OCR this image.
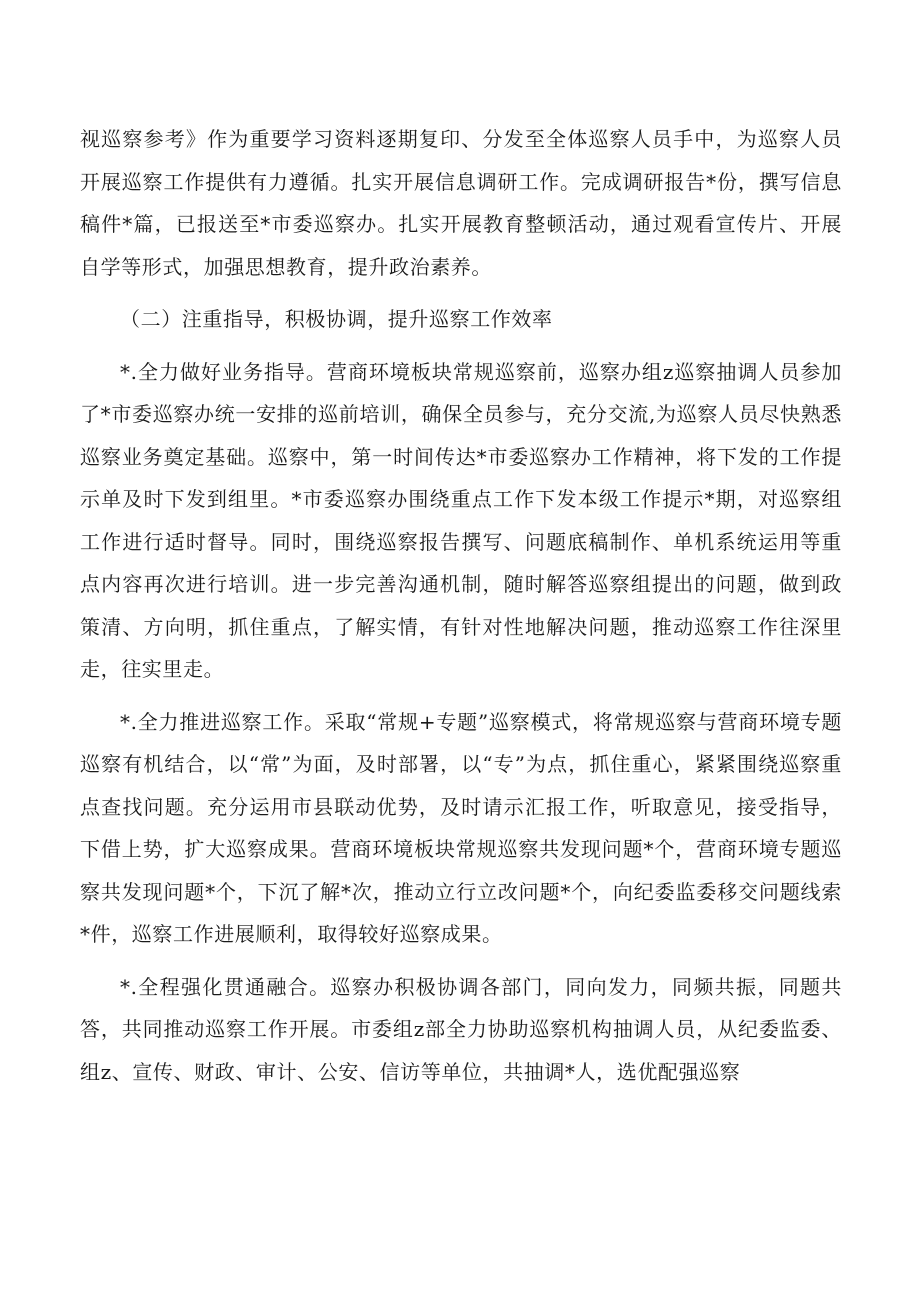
视巡察参考》作为重要学习资料逐期复印、分发至全体巡察人员手中，为巡察人员开展巡察工作提供有力遵循。扎实开展信息调研工作。完成调研报告*份，撰写信息稿件*篇，已报送至*市委巡察办。扎实开展教育整顿活动，通过观看宣传片、开展自学等形式，加强思想教育，提升政治素养。

（二）注重指导，积极协调，提升巡察工作效率

*.全力做好业务指导。营商环境板块常规巡察前，巡察办组z巡察抽调人员参加了*市委巡察办统一安排的巡前培训，确保全员参与，充分交流,为巡察人员尽快熟悉巡察业务奠定基础。巡察中，第一时间传达*市委巡察办工作精神，将下发的工作提示单及时下发到组里。*市委巡察办围绕重点工作下发本级工作提示*期，对巡察组工作进行适时督导。同时，围绕巡察报告撰写、问题底稿制作、单机系统运用等重点内容再次进行培训。进一步完善沟通机制，随时解答巡察组提出的问题，做到政策清、方向明，抓住重点，了解实情，有针对性地解决问题，推动巡察工作往深里走，往实里走。

*.全力推进巡察工作。采取“常规+专题”巡察模式，将常规巡察与营商环境专题巡察有机结合，以“常”为面，及时部署，以“专”为点，抓住重心，紧紧围绕巡察重点查找问题。充分运用市县联动优势，及时请示汇报工作，听取意见，接受指导，下借上势，扩大巡察成果。营商环境板块常规巡察共发现问题*个，营商环境专题巡察共发现问题*个，下沉了解*次，推动立行立改问题*个，向纪委监委移交问题线索*件，巡察工作进展顺利，取得较好巡察成果。

*.全程强化贯通融合。巡察办积极协调各部门，同向发力，同频共振，同题共答，共同推动巡察工作开展。市委组z部全力协助巡察机构抽调人员，从纪委监委、组z、宣传、财政、审计、公安、信访等单位，共抽调*人，选优配强巡察
